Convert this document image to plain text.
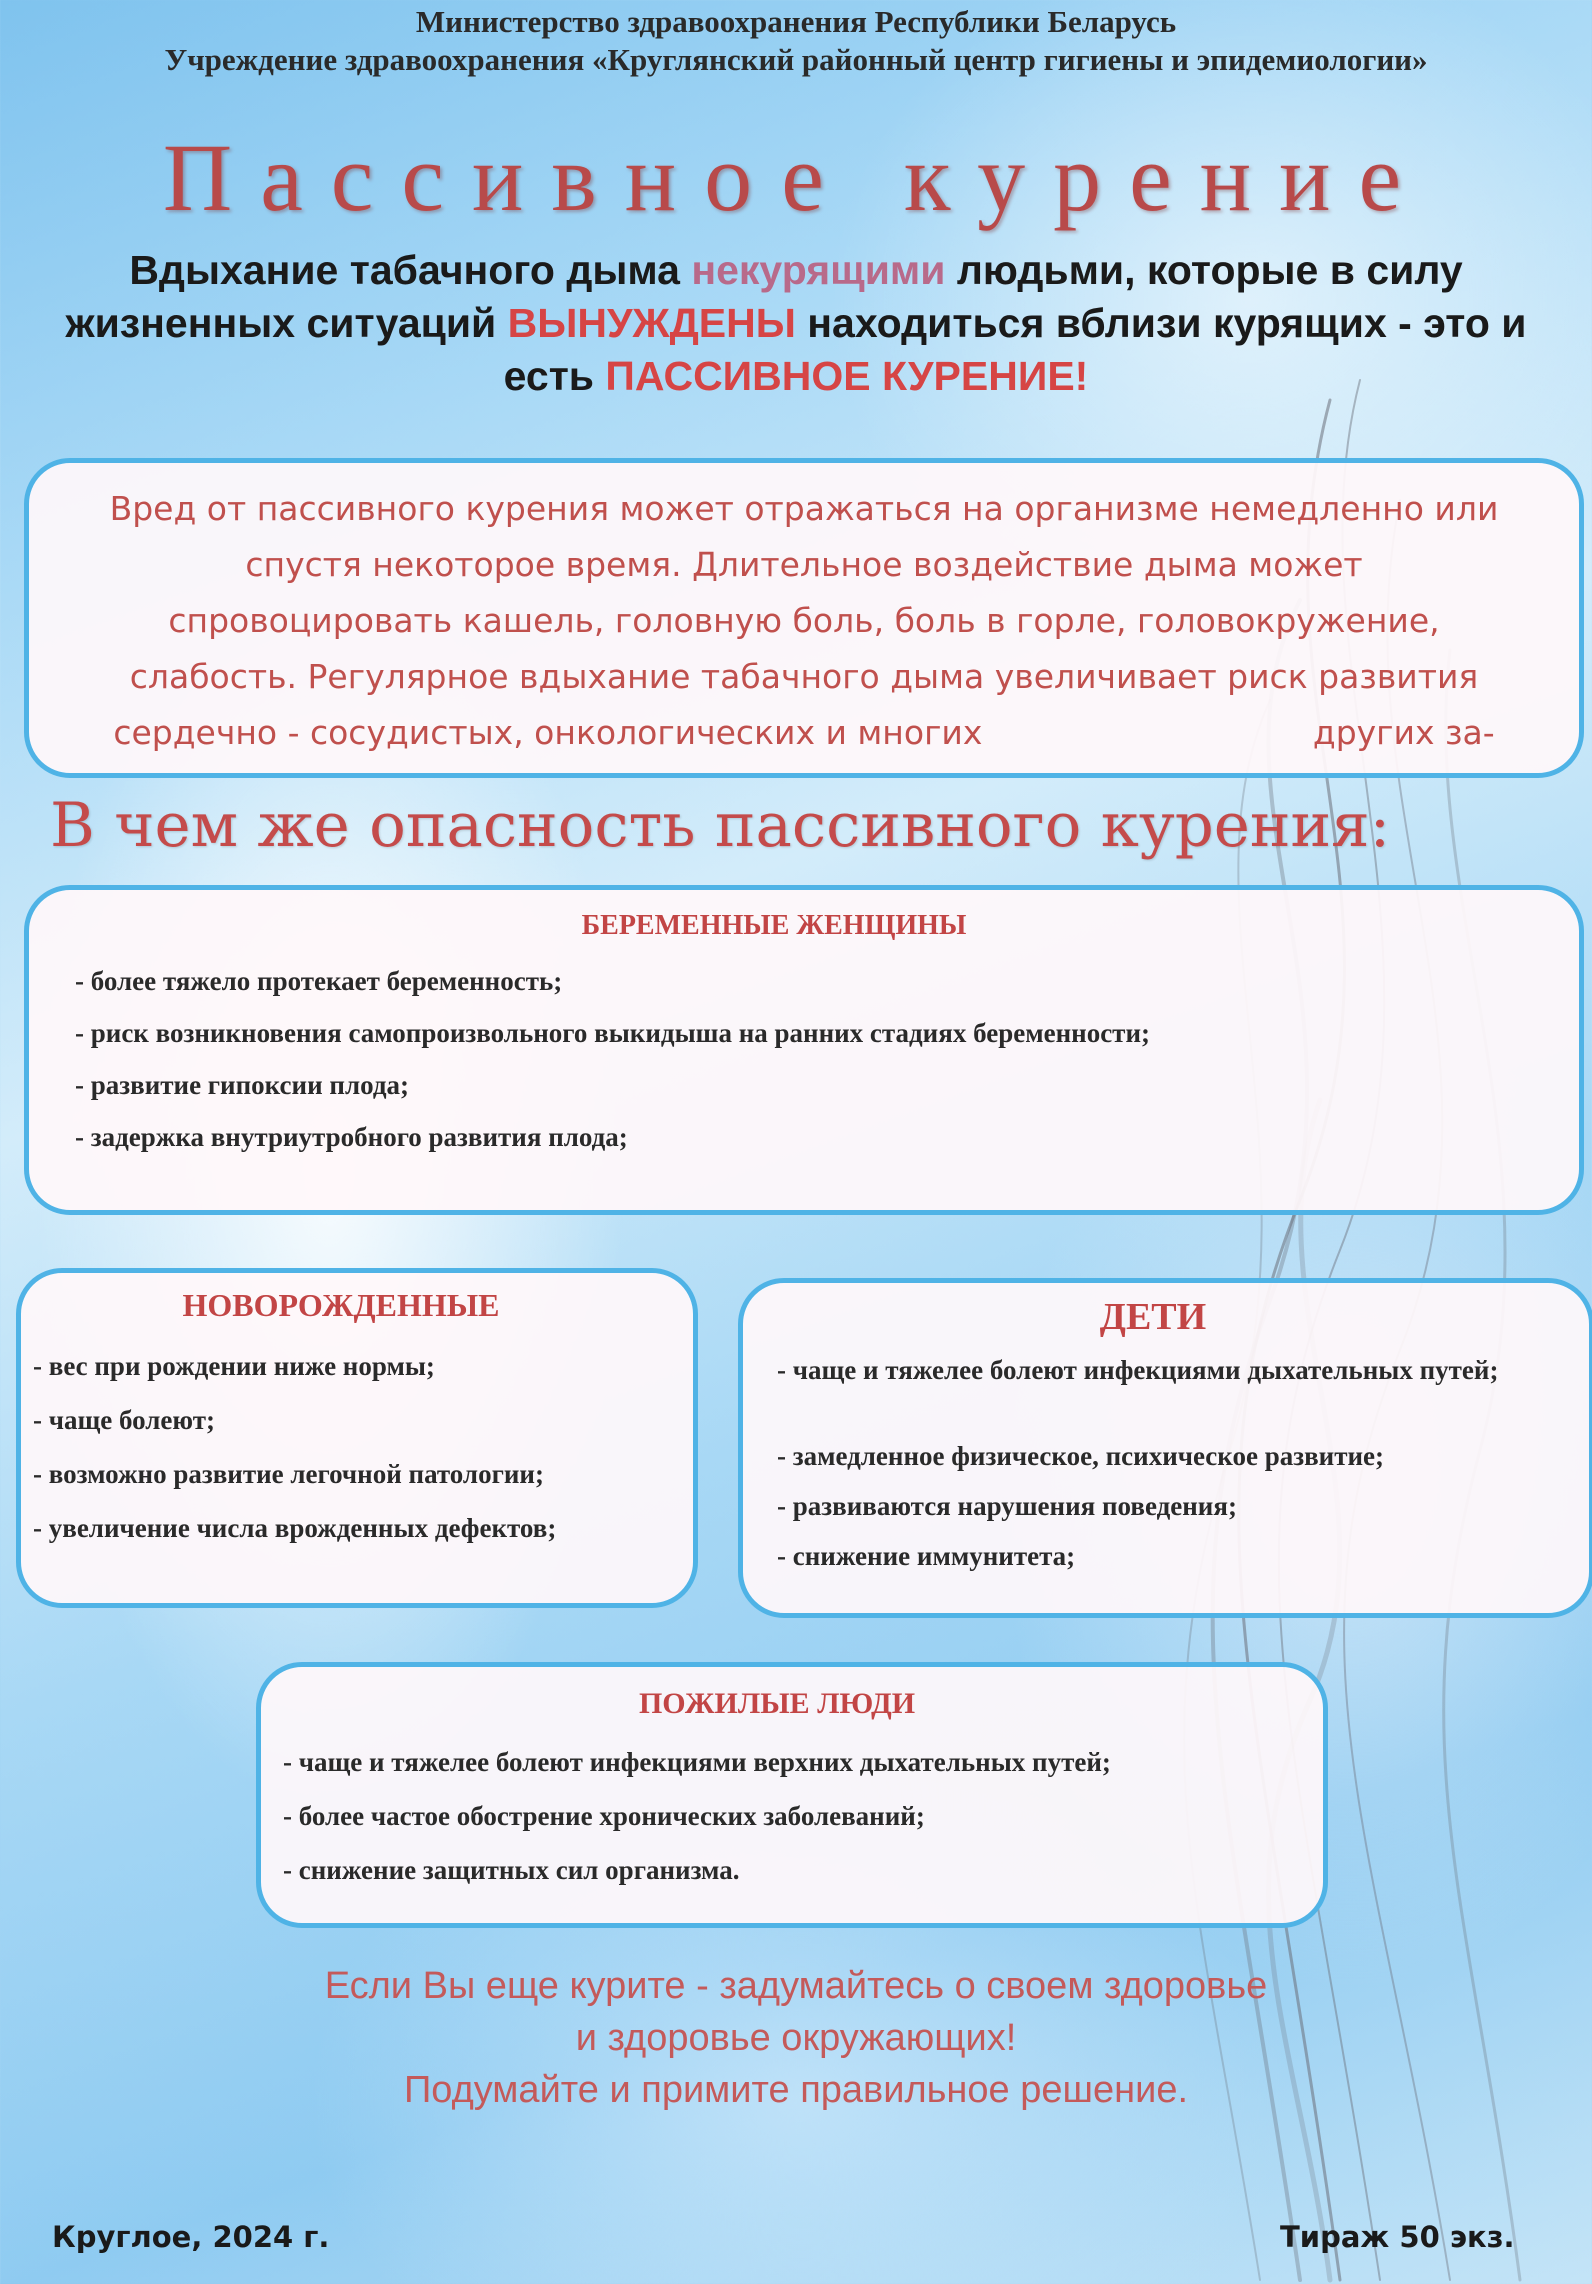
Министерство здравоохранения Республики Беларусь
Учреждение здравоохранения «Круглянский районный центр гигиены и эпидемиологии»
Пассивное курение
Вдыхание табачного дыма некурящими людьми, которые в силу жизненных ситуаций ВЫНУЖДЕНЫ находиться вблизи курящих - это и есть ПАССИВНОЕ КУРЕНИЕ!
Вред от пассивного курения может отражаться на организме немедленно или
спустя некоторое время. Длительное воздействие дыма может
спровоцировать кашель, головную боль, боль в горле, головокружение,
слабость. Регулярное вдыхание табачного дыма увеличивает риск развития
сердечно - сосудистых, онкологических и многих	других за-
В чем же опасность пассивного курения:
БЕРЕМЕННЫЕ ЖЕНЩИНЫ
- более тяжело протекает беременность;
- риск возникновения самопроизвольного выкидыша на ранних стадиях беременности;
- развитие гипоксии плода;
- задержка внутриутробного развития плода;
НОВОРОЖДЕННЫЕ
- вес при рождении ниже нормы;
- чаще болеют;
- возможно развитие легочной патологии;
- увеличение числа врожденных дефектов;
ДЕТИ
- чаще и тяжелее болеют инфекциями дыхательных путей;
- замедленное физическое, психическое развитие;
- развиваются нарушения поведения;
- снижение иммунитета;
ПОЖИЛЫЕ ЛЮДИ
- чаще и тяжелее болеют инфекциями верхних дыхательных путей;
- более частое обострение хронических заболеваний;
- снижение защитных сил организма.
Если Вы еще курите - задумайтесь о своем здоровье
и здоровье окружающих!
Подумайте и примите правильное решение.
Круглое, 2024 г.	Тираж 50 экз.
